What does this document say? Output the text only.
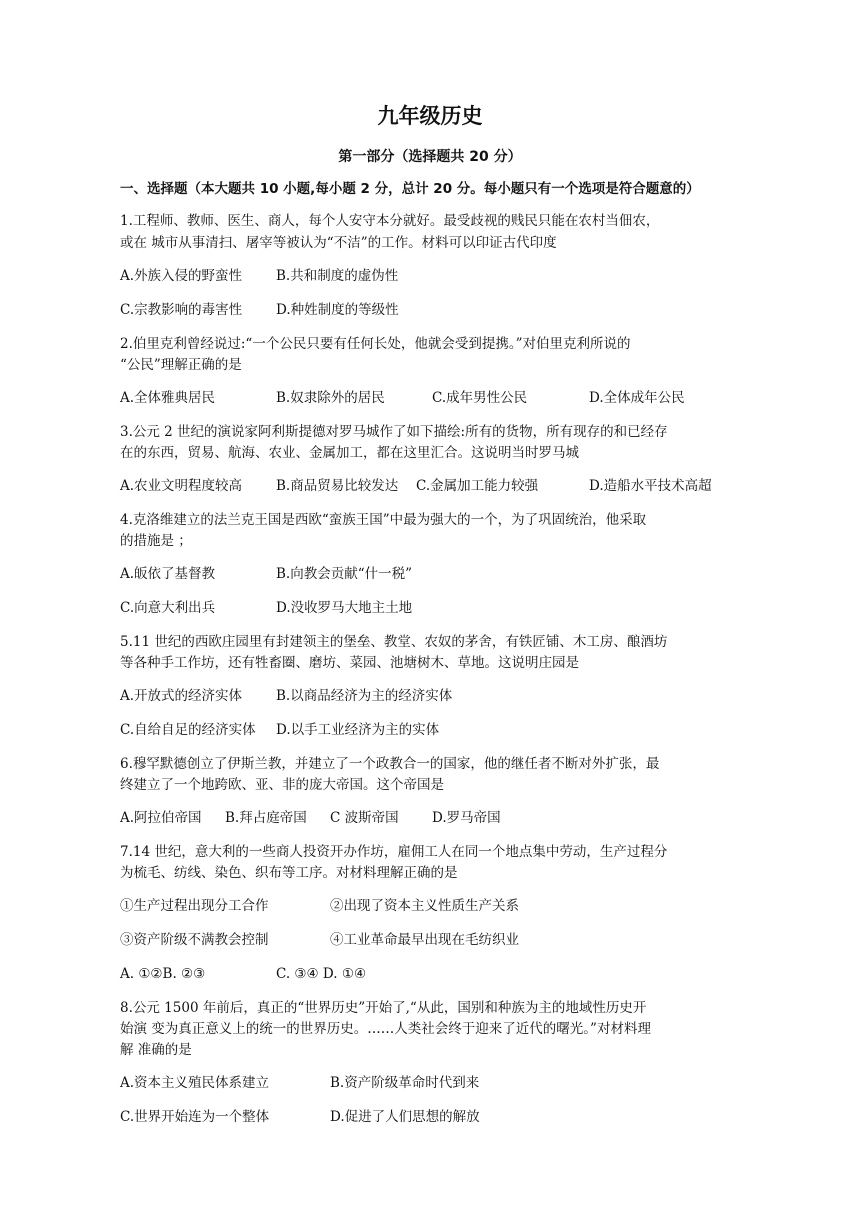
九年级历史
第一部分（选择题共 20 分）
一、选择题（本大题共 10 小题,每小题 2 分，总计 20 分。每小题只有一个选项是符合题意的）
1.工程师、教师、医生、商人，每个人安守本分就好。最受歧视的贱民只能在农村当佃农，
或在 城市从事清扫、屠宰等被认为“不洁”的工作。材料可以印证古代印度
A.外族入侵的野蛮性	B.共和制度的虚伪性
C.宗教影响的毒害性	D.种姓制度的等级性
2.伯里克利曾经说过:“一个公民只要有任何长处，他就会受到提携。”对伯里克利所说的
“公民”理解正确的是
A.全体雅典居民	B.奴隶除外的居民	C.成年男性公民	D.全体成年公民
3.公元 2 世纪的演说家阿利斯提德对罗马城作了如下描绘:所有的货物，所有现存的和已经存
在的东西，贸易、航海、农业、金属加工，都在这里汇合。这说明当时罗马城
A.农业文明程度较高	B.商品贸易比较发达 C.金属加工能力较强	D.造船水平技术高超
4.克洛维建立的法兰克王国是西欧“蛮族王国”中最为强大的一个，为了巩固统治，他采取
的措施是 ；
A.皈依了基督教	B.向教会贡献“什一税”
C.向意大利出兵	D.没收罗马大地主土地
5.11 世纪的西欧庄园里有封建领主的堡垒、教堂、农奴的茅舍，有铁匠铺、木工房、酿酒坊
等各种手工作坊，还有牲畜圈、磨坊、菜园、池塘树木、草地。这说明庄园是
A.开放式的经济实体	B.以商品经济为主的经济实体
C.自给自足的经济实体 D.以手工业经济为主的实体
6.穆罕默德创立了伊斯兰教，并建立了一个政教合一的国家，他的继任者不断对外扩张，最
终建立了一个地跨欧、亚、非的庞大帝国。这个帝国是
A.阿拉伯帝国 B.拜占庭帝国 C 波斯帝国 D.罗马帝国
7.14 世纪，意大利的一些商人投资开办作坊，雇佣工人在同一个地点集中劳动，生产过程分
为梳毛、纺线、染色、织布等工序。对材料理解正确的是
①生产过程出现分工合作	②出现了资本主义性质生产关系
③资产阶级不满教会控制	④工业革命最早出现在毛纺织业
A. ①②B. ②③	C. ③④ D. ①④
8.公元 1500 年前后，真正的“世界历史”开始了,“从此，国别和种族为主的地域性历史开
始演 变为真正意义上的统一的世界历史。……人类社会终于迎来了近代的曙光。”对材料理
解 准确的是
A.资本主义殖民体系建立	B.资产阶级革命时代到来
C.世界开始连为一个整体	D.促进了人们思想的解放
